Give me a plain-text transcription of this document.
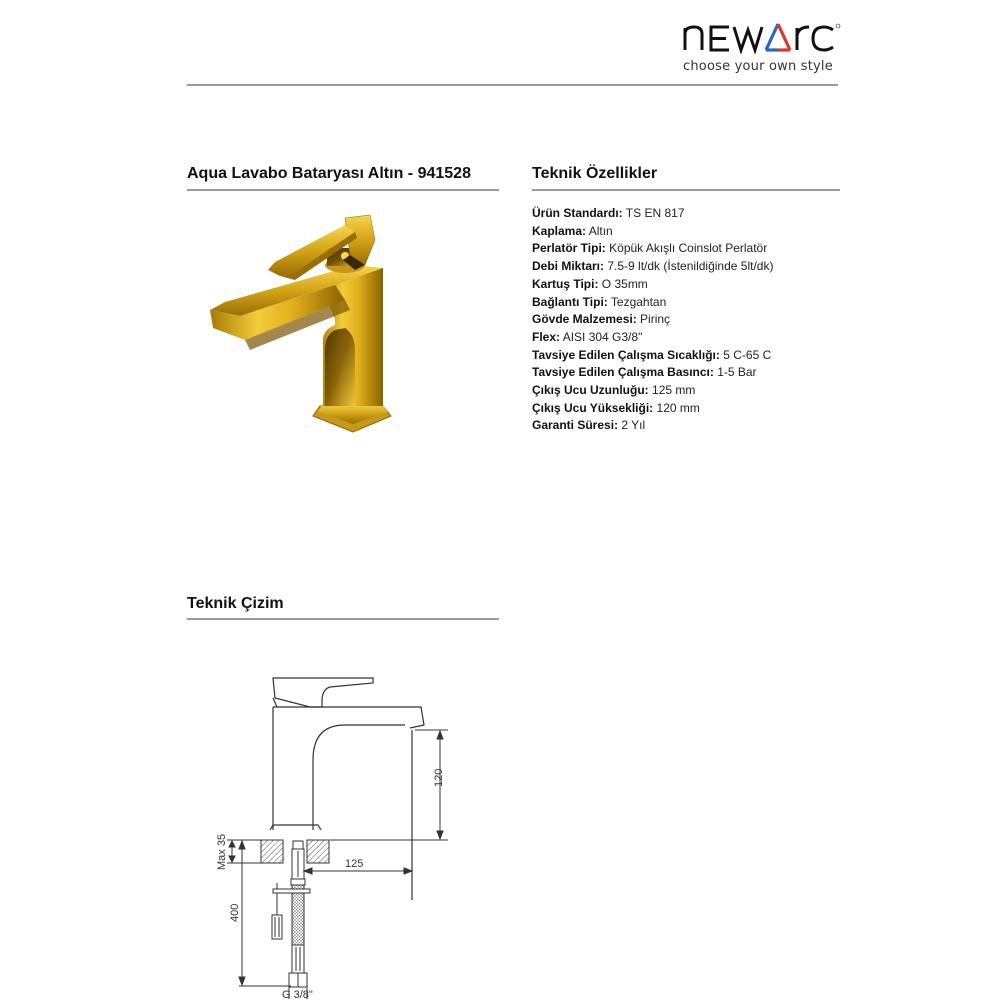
choose your own style
Aqua Lavabo Bataryası Altın - 941528	Teknik Özellikler
Ürün Standardı: TS EN 817
Kaplama: Altın
Perlatör Tipi: Köpük Akışlı Coinslot Perlatör
Debi Miktarı: 7.5-9 lt/dk (İstenildiğinde 5lt/dk)
Kartuş Tipi: O 35mm
Bağlantı Tipi: Tezgahtan
Gövde Malzemesi: Pirinç
Flex: AISI 304 G3/8"
Tavsiye Edilen Çalışma Sıcaklığı: 5 C-65 C
Tavsiye Edilen Çalışma Basıncı: 1-5 Bar
Çıkış Ucu Uzunluğu: 125 mm
Çıkış Ucu Yüksekliği: 120 mm
Garanti Süresi: 2 Yıl
Teknik Çizim
120
Max 35	125
400
G 3/8"
